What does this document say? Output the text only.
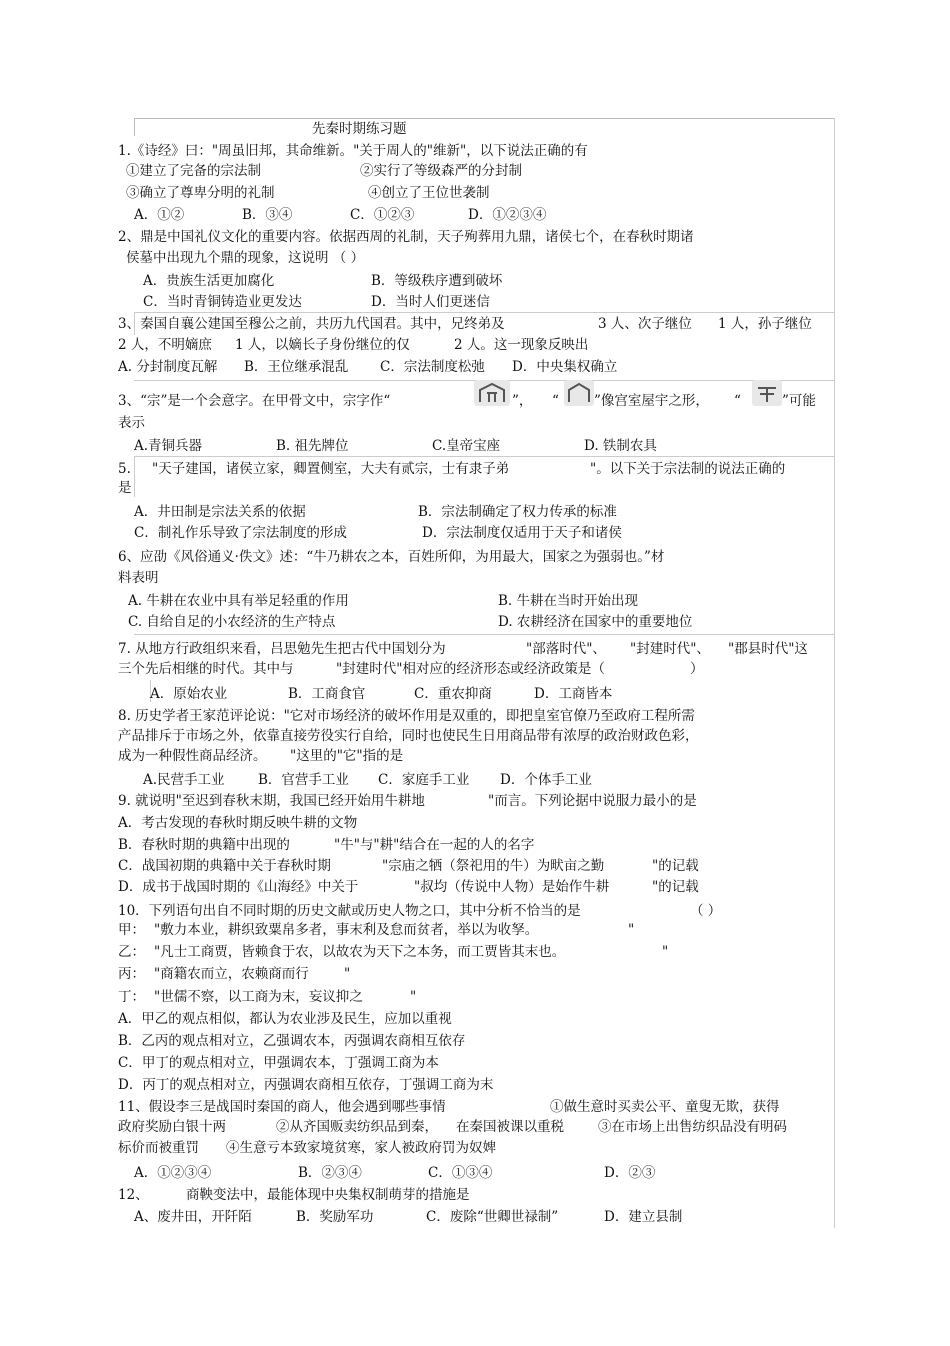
先秦时期练习题
1.《诗经》曰："周虽旧邦，其命维新。"关于周人的"维新"，以下说法正确的有
①建立了完备的宗法制	②实行了等级森严的分封制
③确立了尊卑分明的礼制	④创立了王位世袭制
A．①②	B．③④	C．①②③	D．①②③④
2、鼎是中国礼仪文化的重要内容。依据西周的礼制，天子殉葬用九鼎，诸侯七个，在春秋时期诸
侯墓中出现九个鼎的现象，这说明 （ ）
A．贵族生活更加腐化	B．等级秩序遭到破坏
C．当时青铜铸造业更发达	D．当时人们更迷信
3、秦国自襄公建国至穆公之前，共历九代国君。其中，兄终弟及	3 人、次子继位 1 人，孙子继位
2 人，不明嫡庶 1 人，以嫡长子身份继位的仅	2 人。这一现象反映出
A. 分封制度瓦解 B．王位继承混乱 C．宗法制度松弛 D．中央集权确立
3、“宗”是一个会意字。在甲骨文中，宗字作“	”， “	”像宫室屋宇之形， “	”可能
表示
A.青铜兵器	B. 祖先牌位	C.皇帝宝座	D. 铁制农具
5. "天子建国，诸侯立家，卿置侧室，大夫有贰宗，士有隶子弟	"。以下关于宗法制的说法正确的
是
A．井田制是宗法关系的依据	B．宗法制确定了权力传承的标准
C．制礼作乐导致了宗法制度的形成	D．宗法制度仅适用于天子和诸侯
6、应劭《风俗通义·佚文》述：“牛乃耕农之本，百姓所仰，为用最大，国家之为强弱也。”材
料表明
A. 牛耕在农业中具有举足轻重的作用	B. 牛耕在当时开始出现
C. 自给自足的小农经济的生产特点	D. 农耕经济在国家中的重要地位
7. 从地方行政组织来看，吕思勉先生把古代中国划分为	"部落时代"、 "封建时代"、 "郡县时代"这
三个先后相继的时代。其中与	"封建时代"相对应的经济形态或经济政策是（	）
A．原始农业	B．工商食官	C．重农抑商	D．工商皆本
8. 历史学者王家范评论说："它对市场经济的破坏作用是双重的，即把皇室官僚乃至政府工程所需
产品排斥于市场之外，依靠直接劳役实行自给，同时也使民生日用商品带有浓厚的政治财政色彩，
成为一种假性商品经济。 "这里的"它"指的是
A.民营手工业 B．官营手工业 C．家庭手工业 D．个体手工业
9. 就说明"至迟到春秋末期，我国已经开始用牛耕地	"而言。下列论据中说服力最小的是
A．考古发现的春秋时期反映牛耕的文物
B．春秋时期的典籍中出现的	"牛"与"耕"结合在一起的人的名字
C．战国初期的典籍中关于春秋时期	"宗庙之牺（祭祀用的牛）为畎亩之勤	"的记载
D．成书于战国时期的《山海经》中关于	"叔均（传说中人物）是始作牛耕	"的记载
10．下列语句出自不同时期的历史文献或历史人物之口，其中分析不恰当的是	（ ）
甲： "敷力本业，耕织致粟帛多者，事末利及怠而贫者，举以为收孥。	"
乙： "凡士工商贾，皆赖食于农，以故农为天下之本务，而工贾皆其末也。	"
丙： "商籍农而立，农赖商而行	"
丁： "世儒不察，以工商为末，妄议抑之	"
A．甲乙的观点相似，都认为农业涉及民生，应加以重视
B．乙丙的观点相对立，乙强调农本，丙强调农商相互依存
C．甲丁的观点相对立，甲强调农本，丁强调工商为本
D．丙丁的观点相对立，丙强调农商相互依存，丁强调工商为末
11、假设李三是战国时秦国的商人，他会遇到哪些事情	①做生意时买卖公平、童叟无欺，获得
政府奖励白银十两	②从齐国贩卖纺织品到秦， 在秦国被课以重税	③在市场上出售纺织品没有明码
标价而被重罚 ④生意亏本致家境贫寒，家人被政府罚为奴婢
A．①②③④	B．②③④	C．①③④	D．②③
12、	商鞅变法中，最能体现中央集权制萌芽的措施是
A、废井田，开阡陌	B．奖励军功	C．废除“世卿世禄制”	D．建立县制
